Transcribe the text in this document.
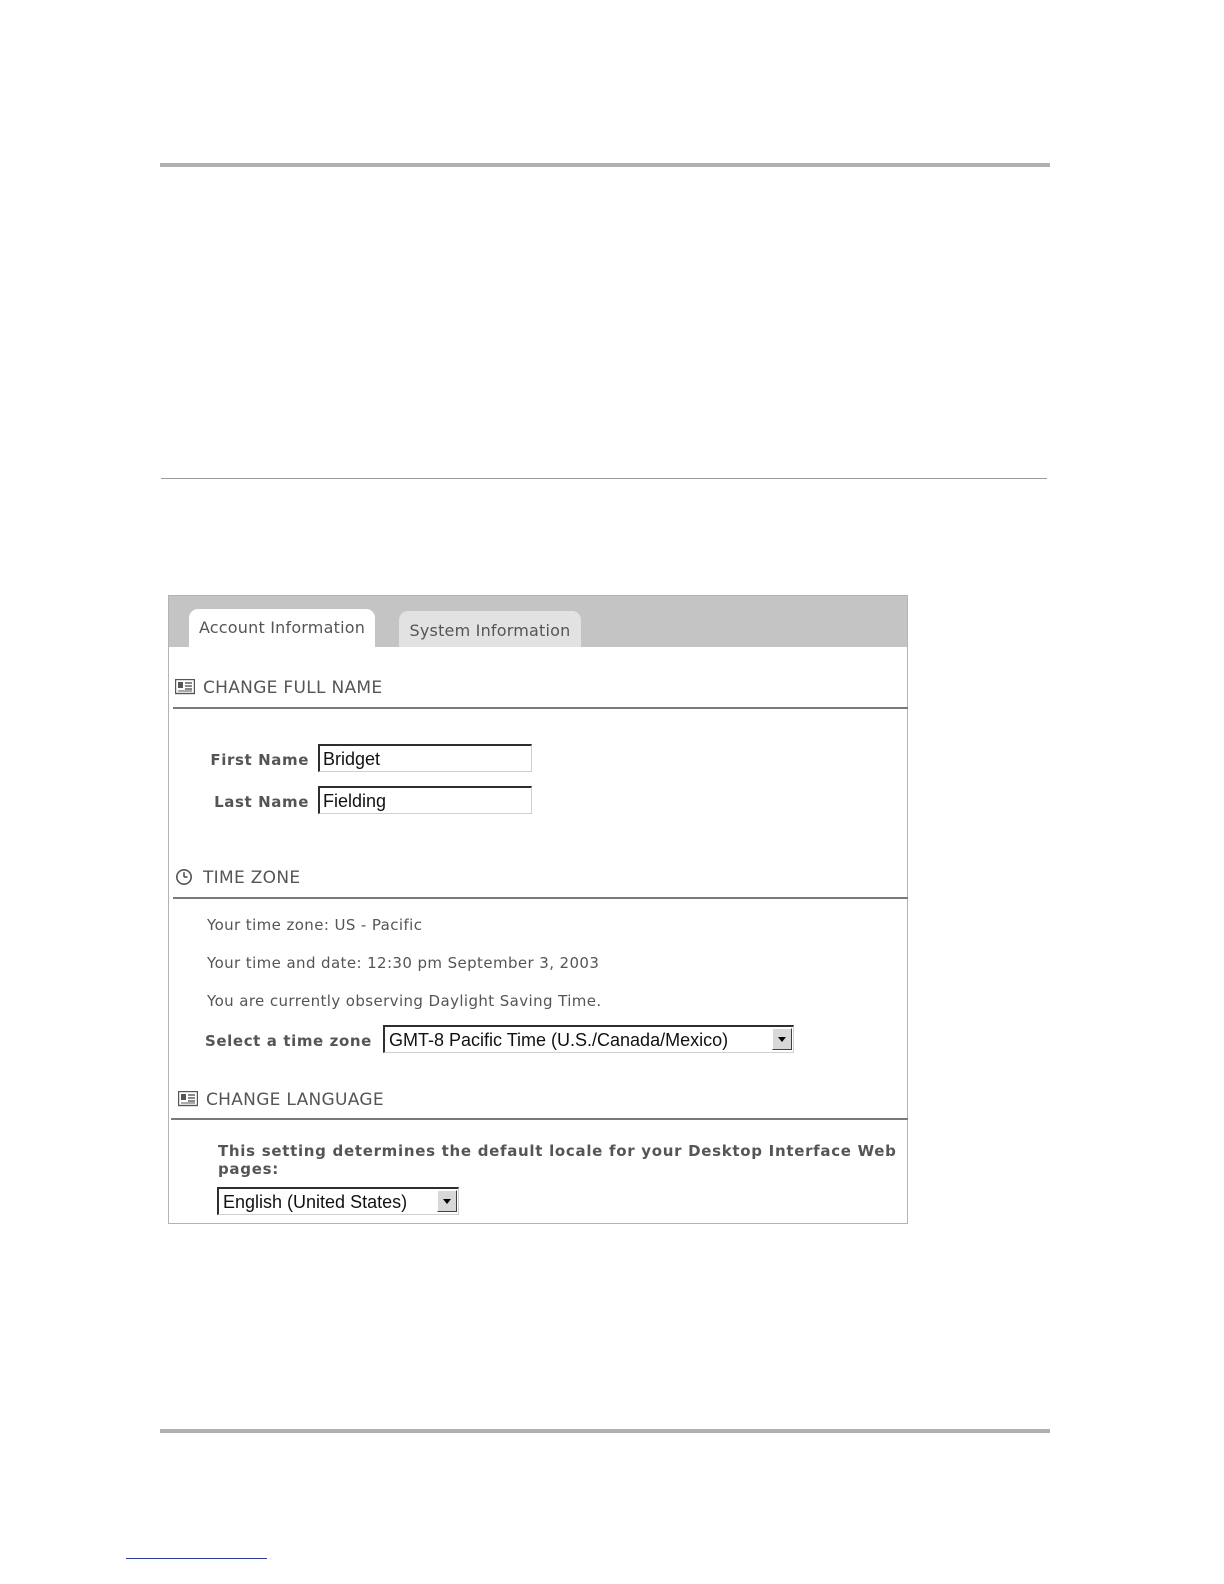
Account Information	System Information
CHANGE FULL NAME
First Name Bridget
Last Name Fielding
TIME ZONE
Your time zone: US - Pacific
Your time and date: 12:30 pm September 3, 2003
You are currently observing Daylight Saving Time.
Select a time zone GMT-8 Pacific Time (U.S./Canada/Mexico)
CHANGE LANGUAGE
This setting determines the default locale for your Desktop Interface Web pages:
English (United States)
